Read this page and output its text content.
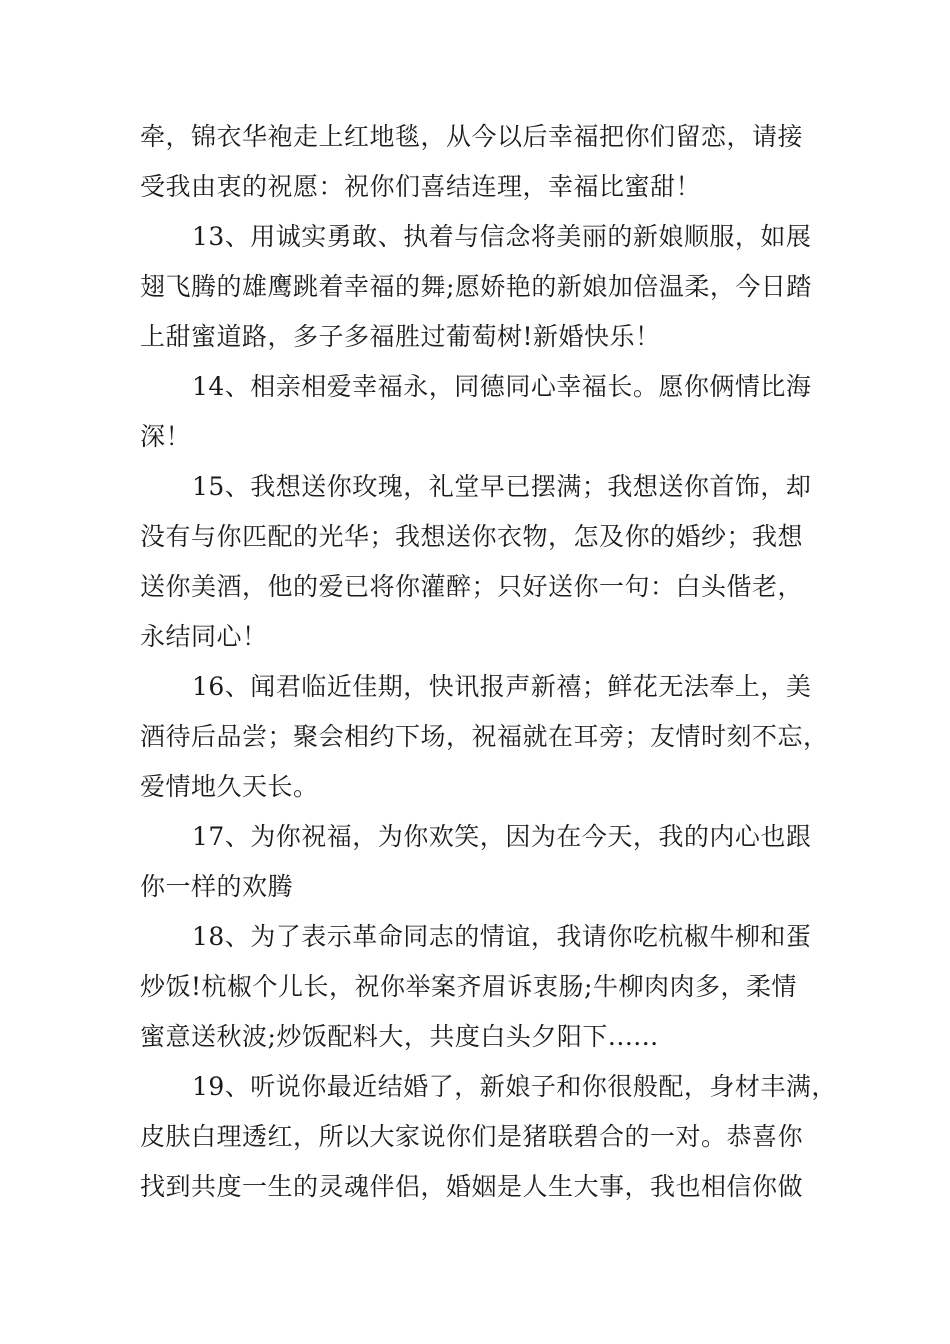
牵，锦衣华袍走上红地毯，从今以后幸福把你们留恋，请接
受我由衷的祝愿：祝你们喜结连理，幸福比蜜甜！
13、用诚实勇敢、执着与信念将美丽的新娘顺服，如展
翅飞腾的雄鹰跳着幸福的舞;愿娇艳的新娘加倍温柔，今日踏
上甜蜜道路，多子多福胜过葡萄树!新婚快乐！
14、相亲相爱幸福永，同德同心幸福长。愿你俩情比海
深！
15、我想送你玫瑰，礼堂早已摆满；我想送你首饰，却
没有与你匹配的光华；我想送你衣物，怎及你的婚纱；我想
送你美酒，他的爱已将你灌醉；只好送你一句：白头偕老，
永结同心！
16、闻君临近佳期，快讯报声新禧；鲜花无法奉上，美
酒待后品尝；聚会相约下场，祝福就在耳旁；友情时刻不忘，
爱情地久天长。
17、为你祝福，为你欢笑，因为在今天，我的内心也跟
你一样的欢腾
18、为了表示革命同志的情谊，我请你吃杭椒牛柳和蛋
炒饭!杭椒个儿长，祝你举案齐眉诉衷肠;牛柳肉肉多，柔情
蜜意送秋波;炒饭配料大，共度白头夕阳下......
19、听说你最近结婚了，新娘子和你很般配，身材丰满，
皮肤白理透红，所以大家说你们是猪联碧合的一对。恭喜你
找到共度一生的灵魂伴侣，婚姻是人生大事，我也相信你做
